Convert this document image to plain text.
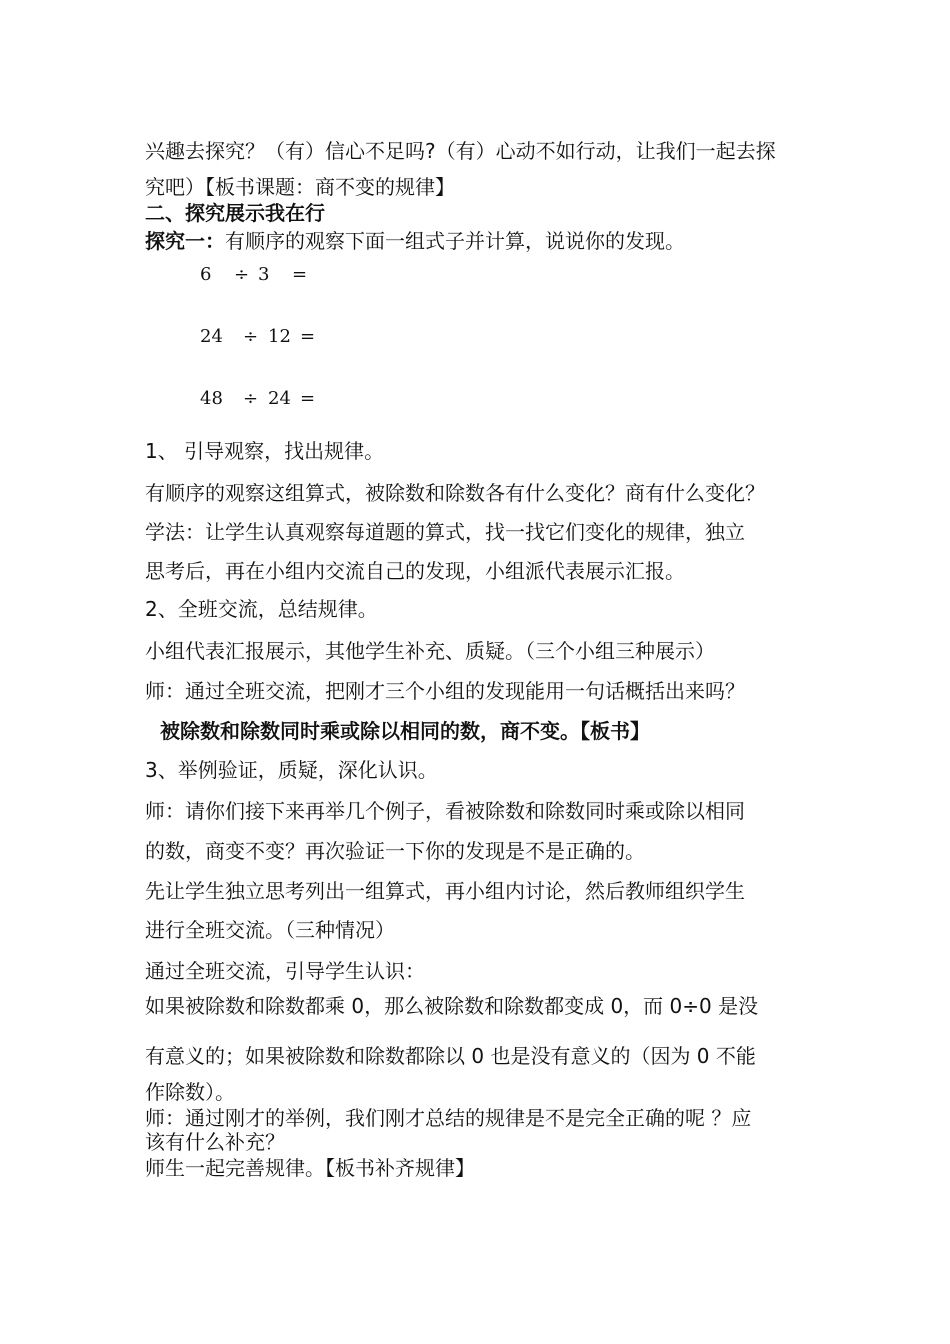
兴趣去探究？（有）信心不足吗?（有）心动不如行动，让我们一起去探
究吧）【板书课题：商不变的规律】
二、探究展示我在行
探究一：有顺序的观察下面一组式子并计算，说说你的发现。
6 ÷ 3 =
24 ÷ 12 =
48 ÷ 24 =
1、 引导观察，找出规律。
有顺序的观察这组算式，被除数和除数各有什么变化？商有什么变化？
学法：让学生认真观察每道题的算式，找一找它们变化的规律，独立
思考后，再在小组内交流自己的发现，小组派代表展示汇报。
2、全班交流，总结规律。
小组代表汇报展示，其他学生补充、质疑。（三个小组三种展示）
师：通过全班交流，把刚才三个小组的发现能用一句话概括出来吗？
被除数和除数同时乘或除以相同的数，商不变。【板书】
3、举例验证，质疑，深化认识。
师：请你们接下来再举几个例子，看被除数和除数同时乘或除以相同
的数，商变不变？再次验证一下你的发现是不是正确的。
先让学生独立思考列出一组算式，再小组内讨论，然后教师组织学生
进行全班交流。（三种情况）
通过全班交流，引导学生认识：
如果被除数和除数都乘 0，那么被除数和除数都变成 0，而 0÷0 是没
有意义的；如果被除数和除数都除以 0 也是没有意义的（因为 0 不能
作除数）。
师：通过刚才的举例，我们刚才总结的规律是不是完全正确的呢 ？应
该有什么补充？
师生一起完善规律。【板书补齐规律】
